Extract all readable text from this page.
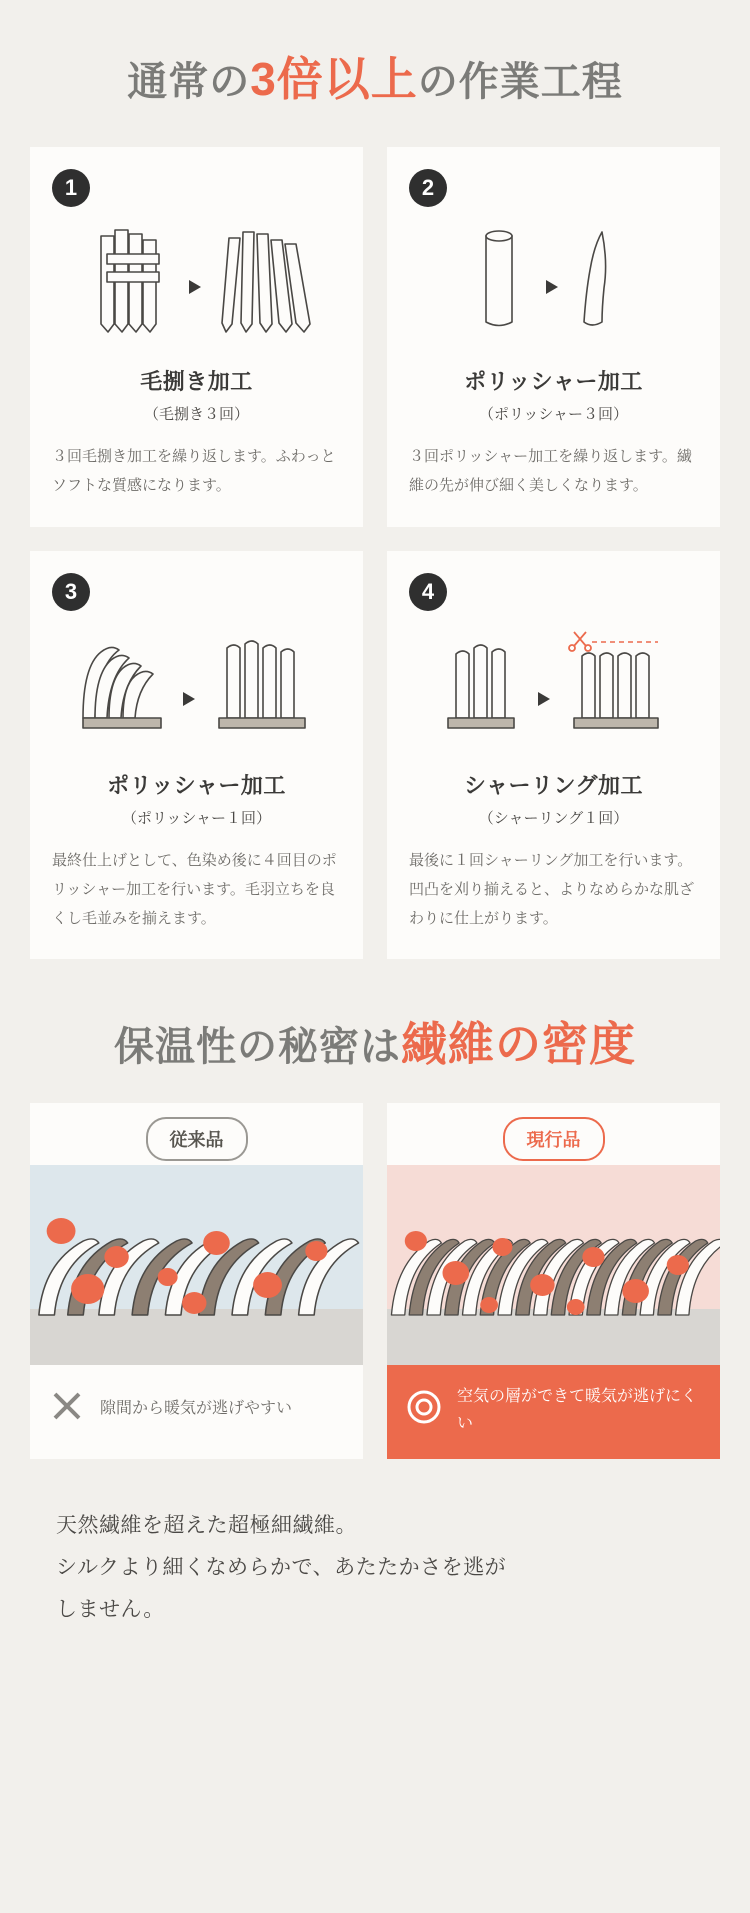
通常の3倍以上の作業工程
1
毛捌き加工
（毛捌き３回）
３回毛捌き加工を繰り返します。ふわっとソフトな質感になります。
2
ポリッシャー加工
（ポリッシャー３回）
３回ポリッシャー加工を繰り返します。繊維の先が伸び細く美しくなります。
3
ポリッシャー加工
（ポリッシャー１回）
最終仕上げとして、色染め後に４回目のポリッシャー加工を行います。毛羽立ちを良くし毛並みを揃えます。
4
シャーリング加工
（シャーリング１回）
最後に１回シャーリング加工を行います。凹凸を刈り揃えると、よりなめらかな肌ざわりに仕上がります。
保温性の秘密は繊維の密度
従来品
隙間から暖気が逃げやすい
現行品
空気の層ができて暖気が逃げにくい
天然繊維を超えた超極細繊維。
シルクより細くなめらかで、あたたかさを逃が
しません。
